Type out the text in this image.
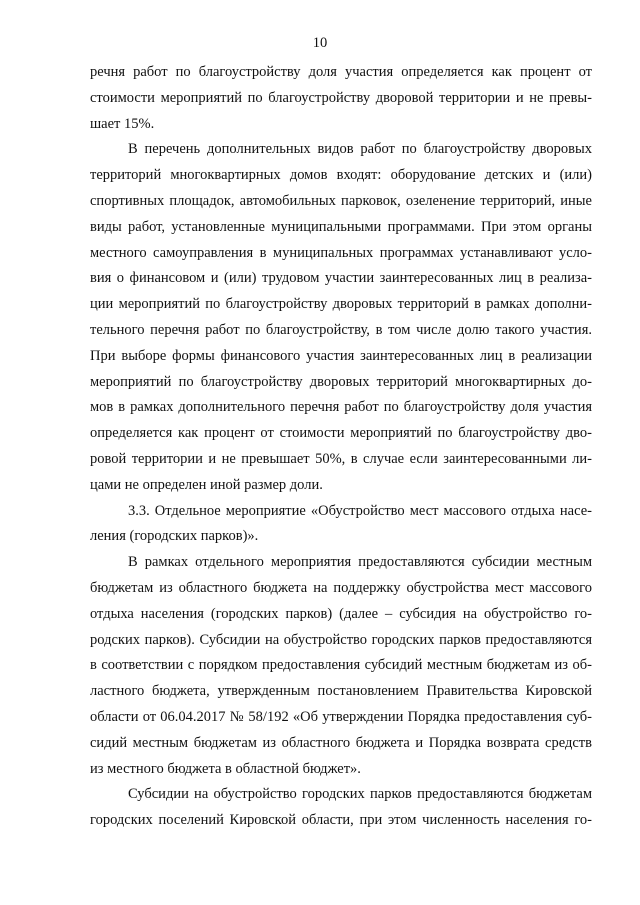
10
речня работ по благоустройству доля участия определяется как процент от
стоимости мероприятий по благоустройству дворовой территории и не превы-
шает 15%.
В перечень дополнительных видов работ по благоустройству дворовых
территорий многоквартирных домов входят: оборудование детских и (или)
спортивных площадок, автомобильных парковок, озеленение территорий, иные
виды работ, установленные муниципальными программами. При этом органы
местного самоуправления в муниципальных программах устанавливают усло-
вия о финансовом и (или) трудовом участии заинтересованных лиц в реализа-
ции мероприятий по благоустройству дворовых территорий в рамках дополни-
тельного перечня работ по благоустройству, в том числе долю такого участия.
При выборе формы финансового участия заинтересованных лиц в реализации
мероприятий по благоустройству дворовых территорий многоквартирных до-
мов в рамках дополнительного перечня работ по благоустройству доля участия
определяется как процент от стоимости мероприятий по благоустройству дво-
ровой территории и не превышает 50%, в случае если заинтересованными ли-
цами не определен иной размер доли.
3.3. Отдельное мероприятие «Обустройство мест массового отдыха насе-
ления (городских парков)».
В рамках отдельного мероприятия предоставляются субсидии местным
бюджетам из областного бюджета на поддержку обустройства мест массового
отдыха населения (городских парков) (далее – субсидия на обустройство го-
родских парков). Субсидии на обустройство городских парков предоставляются
в соответствии с порядком предоставления субсидий местным бюджетам из об-
ластного бюджета, утвержденным постановлением Правительства Кировской
области от 06.04.2017 № 58/192 «Об утверждении Порядка предоставления суб-
сидий местным бюджетам из областного бюджета и Порядка возврата средств
из местного бюджета в областной бюджет».
Субсидии на обустройство городских парков предоставляются бюджетам
городских поселений Кировской области, при этом численность населения го-
